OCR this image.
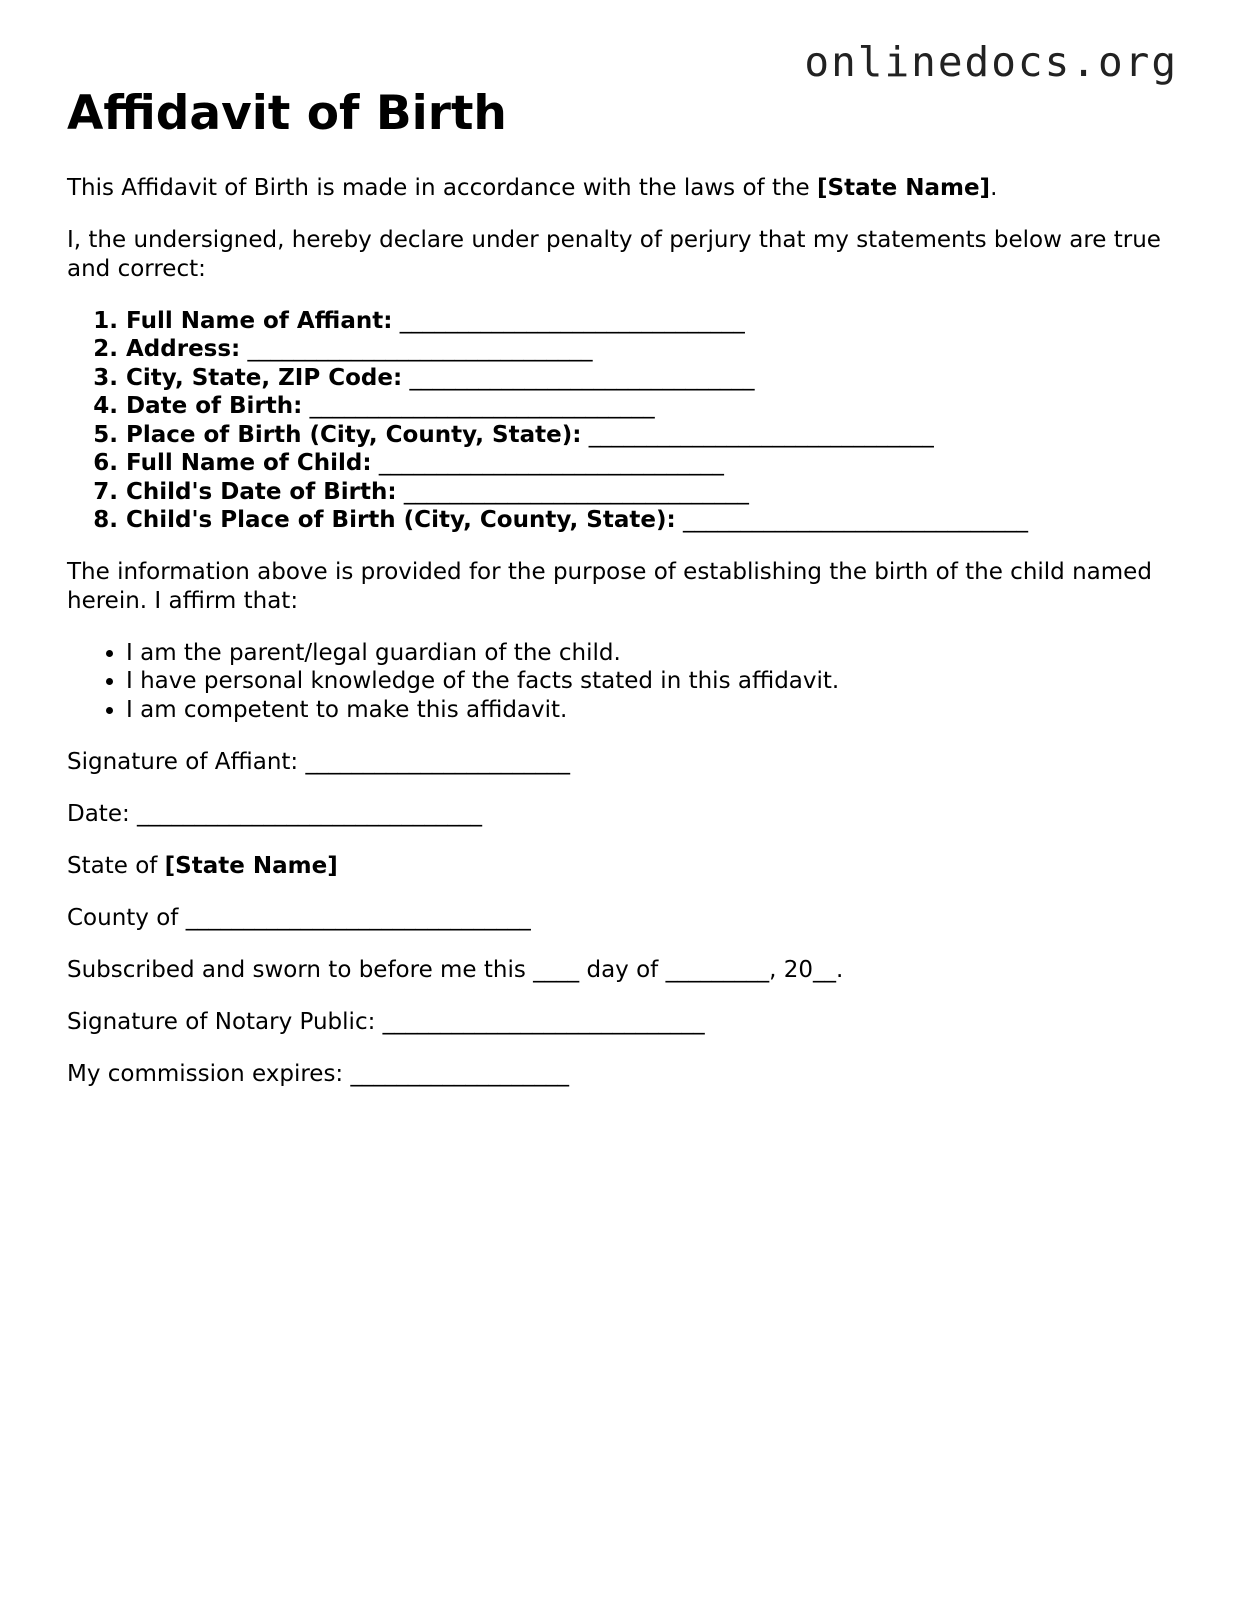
onlinedocs.org
Affidavit of Birth

This Affidavit of Birth is made in accordance with the laws of the [State Name].

I, the undersigned, hereby declare under penalty of perjury that my statements below are true and correct:

1. Full Name of Affiant: ______________________________
2. Address: ______________________________
3. City, State, ZIP Code: ______________________________
4. Date of Birth: ______________________________
5. Place of Birth (City, County, State): ______________________________
6. Full Name of Child: ______________________________
7. Child's Date of Birth: ______________________________
8. Child's Place of Birth (City, County, State): ______________________________

The information above is provided for the purpose of establishing the birth of the child named herein. I affirm that:

• I am the parent/legal guardian of the child.
• I have personal knowledge of the facts stated in this affidavit.
• I am competent to make this affidavit.

Signature of Affiant: _______________________

Date: ______________________________

State of [State Name]

County of ______________________________

Subscribed and sworn to before me this ____ day of _________, 20__.

Signature of Notary Public: ____________________________

My commission expires: ___________________
